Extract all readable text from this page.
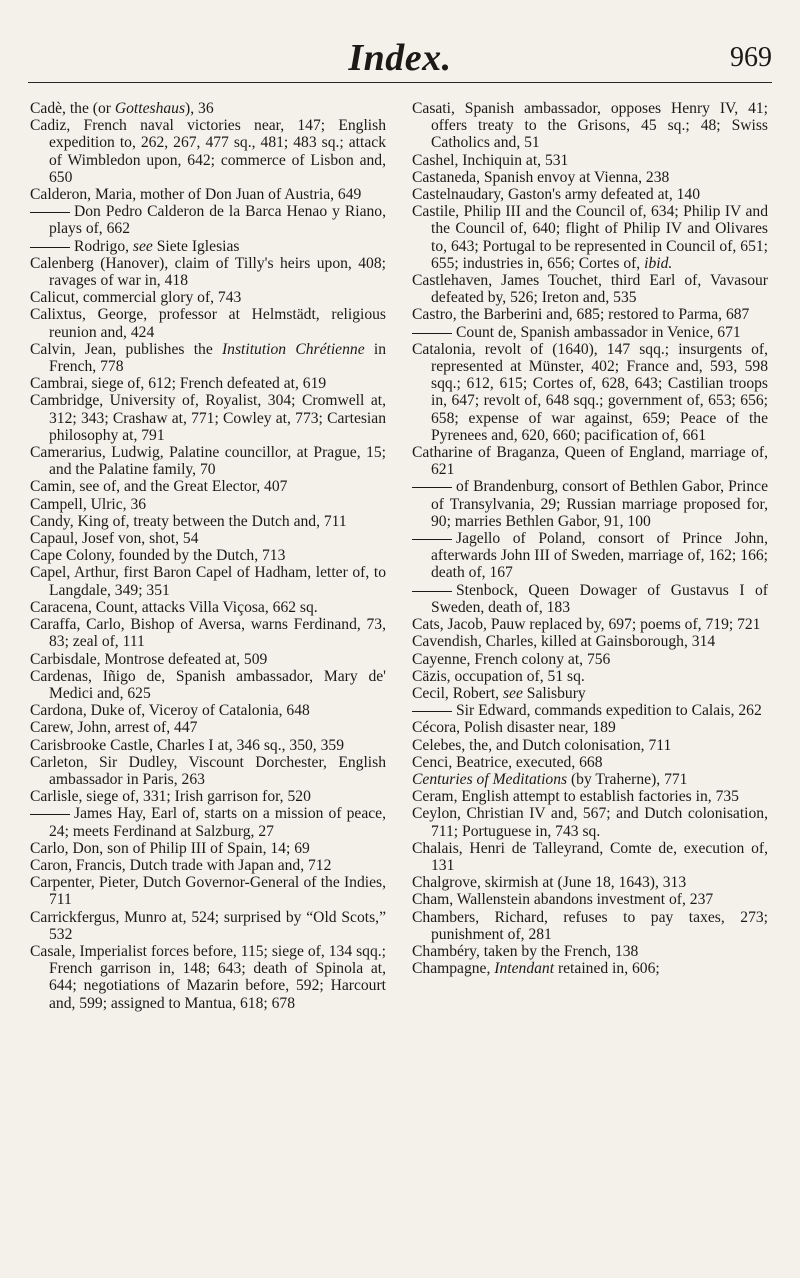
Index.	969

Cadè, the (or Gotteshaus), 36

Cadiz, French naval victories near, 147; English expedition to, 262, 267, 477 sq., 481; 483 sq.; attack of Wimbledon upon, 642; commerce of Lisbon and, 650

Calderon, Maria, mother of Don Juan of Austria, 649

Don Pedro Calderon de la Barca Henao y Riano, plays of, 662

Rodrigo, see Siete Iglesias

Calenberg (Hanover), claim of Tilly's heirs upon, 408; ravages of war in, 418

Calicut, commercial glory of, 743

Calixtus, George, professor at Helmstädt, religious reunion and, 424

Calvin, Jean, publishes the Institution Chrétienne in French, 778

Cambrai, siege of, 612; French defeated at, 619

Cambridge, University of, Royalist, 304; Cromwell at, 312; 343; Crashaw at, 771; Cowley at, 773; Cartesian philosophy at, 791

Camerarius, Ludwig, Palatine councillor, at Prague, 15; and the Palatine family, 70

Camin, see of, and the Great Elector, 407

Campell, Ulric, 36

Candy, King of, treaty between the Dutch and, 711

Capaul, Josef von, shot, 54

Cape Colony, founded by the Dutch, 713

Capel, Arthur, first Baron Capel of Hadham, letter of, to Langdale, 349; 351

Caracena, Count, attacks Villa Viçosa, 662 sq.

Caraffa, Carlo, Bishop of Aversa, warns Ferdinand, 73, 83; zeal of, 111

Carbisdale, Montrose defeated at, 509

Cardenas, Iñigo de, Spanish ambassador, Mary de' Medici and, 625

Cardona, Duke of, Viceroy of Catalonia, 648

Carew, John, arrest of, 447

Carisbrooke Castle, Charles I at, 346 sq., 350, 359

Carleton, Sir Dudley, Viscount Dorchester, English ambassador in Paris, 263

Carlisle, siege of, 331; Irish garrison for, 520

James Hay, Earl of, starts on a mission of peace, 24; meets Ferdinand at Salzburg, 27

Carlo, Don, son of Philip III of Spain, 14; 69

Caron, Francis, Dutch trade with Japan and, 712

Carpenter, Pieter, Dutch Governor-General of the Indies, 711

Carrickfergus, Munro at, 524; surprised by “Old Scots,” 532

Casale, Imperialist forces before, 115; siege of, 134 sqq.; French garrison in, 148; 643; death of Spinola at, 644; negotiations of Mazarin before, 592; Harcourt and, 599; assigned to Mantua, 618; 678

Casati, Spanish ambassador, opposes Henry IV, 41; offers treaty to the Grisons, 45 sq.; 48; Swiss Catholics and, 51

Cashel, Inchiquin at, 531

Castaneda, Spanish envoy at Vienna, 238

Castelnaudary, Gaston's army defeated at, 140

Castile, Philip III and the Council of, 634; Philip IV and the Council of, 640; flight of Philip IV and Olivares to, 643; Portugal to be represented in Council of, 651; 655; industries in, 656; Cortes of, ibid.

Castlehaven, James Touchet, third Earl of, Vavasour defeated by, 526; Ireton and, 535

Castro, the Barberini and, 685; restored to Parma, 687

Count de, Spanish ambassador in Venice, 671

Catalonia, revolt of (1640), 147 sqq.; insurgents of, represented at Münster, 402; France and, 593, 598 sqq.; 612, 615; Cortes of, 628, 643; Castilian troops in, 647; revolt of, 648 sqq.; government of, 653; 656; 658; expense of war against, 659; Peace of the Pyrenees and, 620, 660; pacification of, 661

Catharine of Braganza, Queen of England, marriage of, 621

of Brandenburg, consort of Bethlen Gabor, Prince of Transylvania, 29; Russian marriage proposed for, 90; marries Bethlen Gabor, 91, 100

Jagello of Poland, consort of Prince John, afterwards John III of Sweden, marriage of, 162; 166; death of, 167

Stenbock, Queen Dowager of Gustavus I of Sweden, death of, 183

Cats, Jacob, Pauw replaced by, 697; poems of, 719; 721

Cavendish, Charles, killed at Gainsborough, 314

Cayenne, French colony at, 756

Cäzis, occupation of, 51 sq.

Cecil, Robert, see Salisbury

Sir Edward, commands expedition to Calais, 262

Cécora, Polish disaster near, 189

Celebes, the, and Dutch colonisation, 711

Cenci, Beatrice, executed, 668

Centuries of Meditations (by Traherne), 771

Ceram, English attempt to establish factories in, 735

Ceylon, Christian IV and, 567; and Dutch colonisation, 711; Portuguese in, 743 sq.

Chalais, Henri de Talleyrand, Comte de, execution of, 131

Chalgrove, skirmish at (June 18, 1643), 313

Cham, Wallenstein abandons investment of, 237

Chambers, Richard, refuses to pay taxes, 273; punishment of, 281

Chambéry, taken by the French, 138

Champagne, Intendant retained in, 606;
